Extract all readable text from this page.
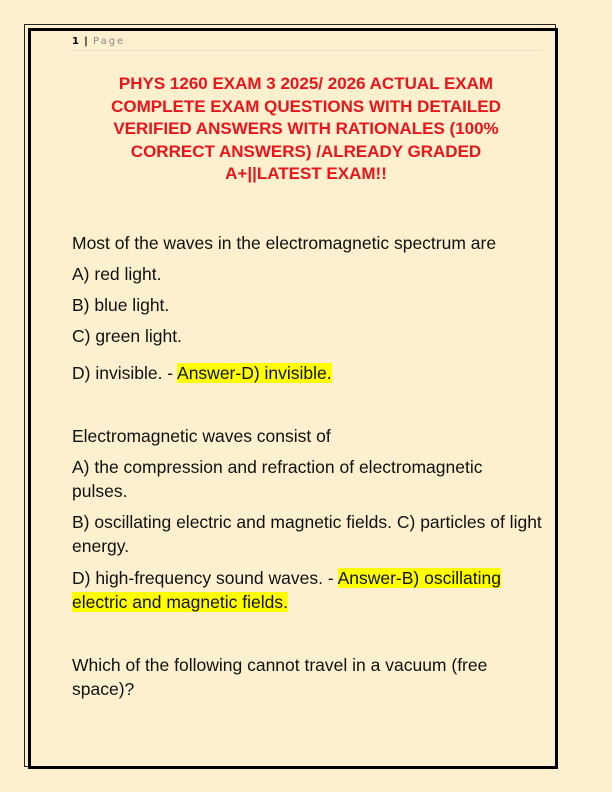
1 | Page
PHYS 1260 EXAM 3 2025/ 2026 ACTUAL EXAM
COMPLETE EXAM QUESTIONS WITH DETAILED
VERIFIED ANSWERS WITH RATIONALES (100%
CORRECT ANSWERS) /ALREADY GRADED
A+||LATEST EXAM!!
Most of the waves in the electromagnetic spectrum are
A) red light.
B) blue light.
C) green light.
D) invisible. - Answer-D) invisible.
Electromagnetic waves consist of
A) the compression and refraction of electromagnetic pulses.
B) oscillating electric and magnetic fields. C) particles of light energy.
D) high-frequency sound waves. - Answer-B) oscillating electric and magnetic fields.
Which of the following cannot travel in a vacuum (free space)?
